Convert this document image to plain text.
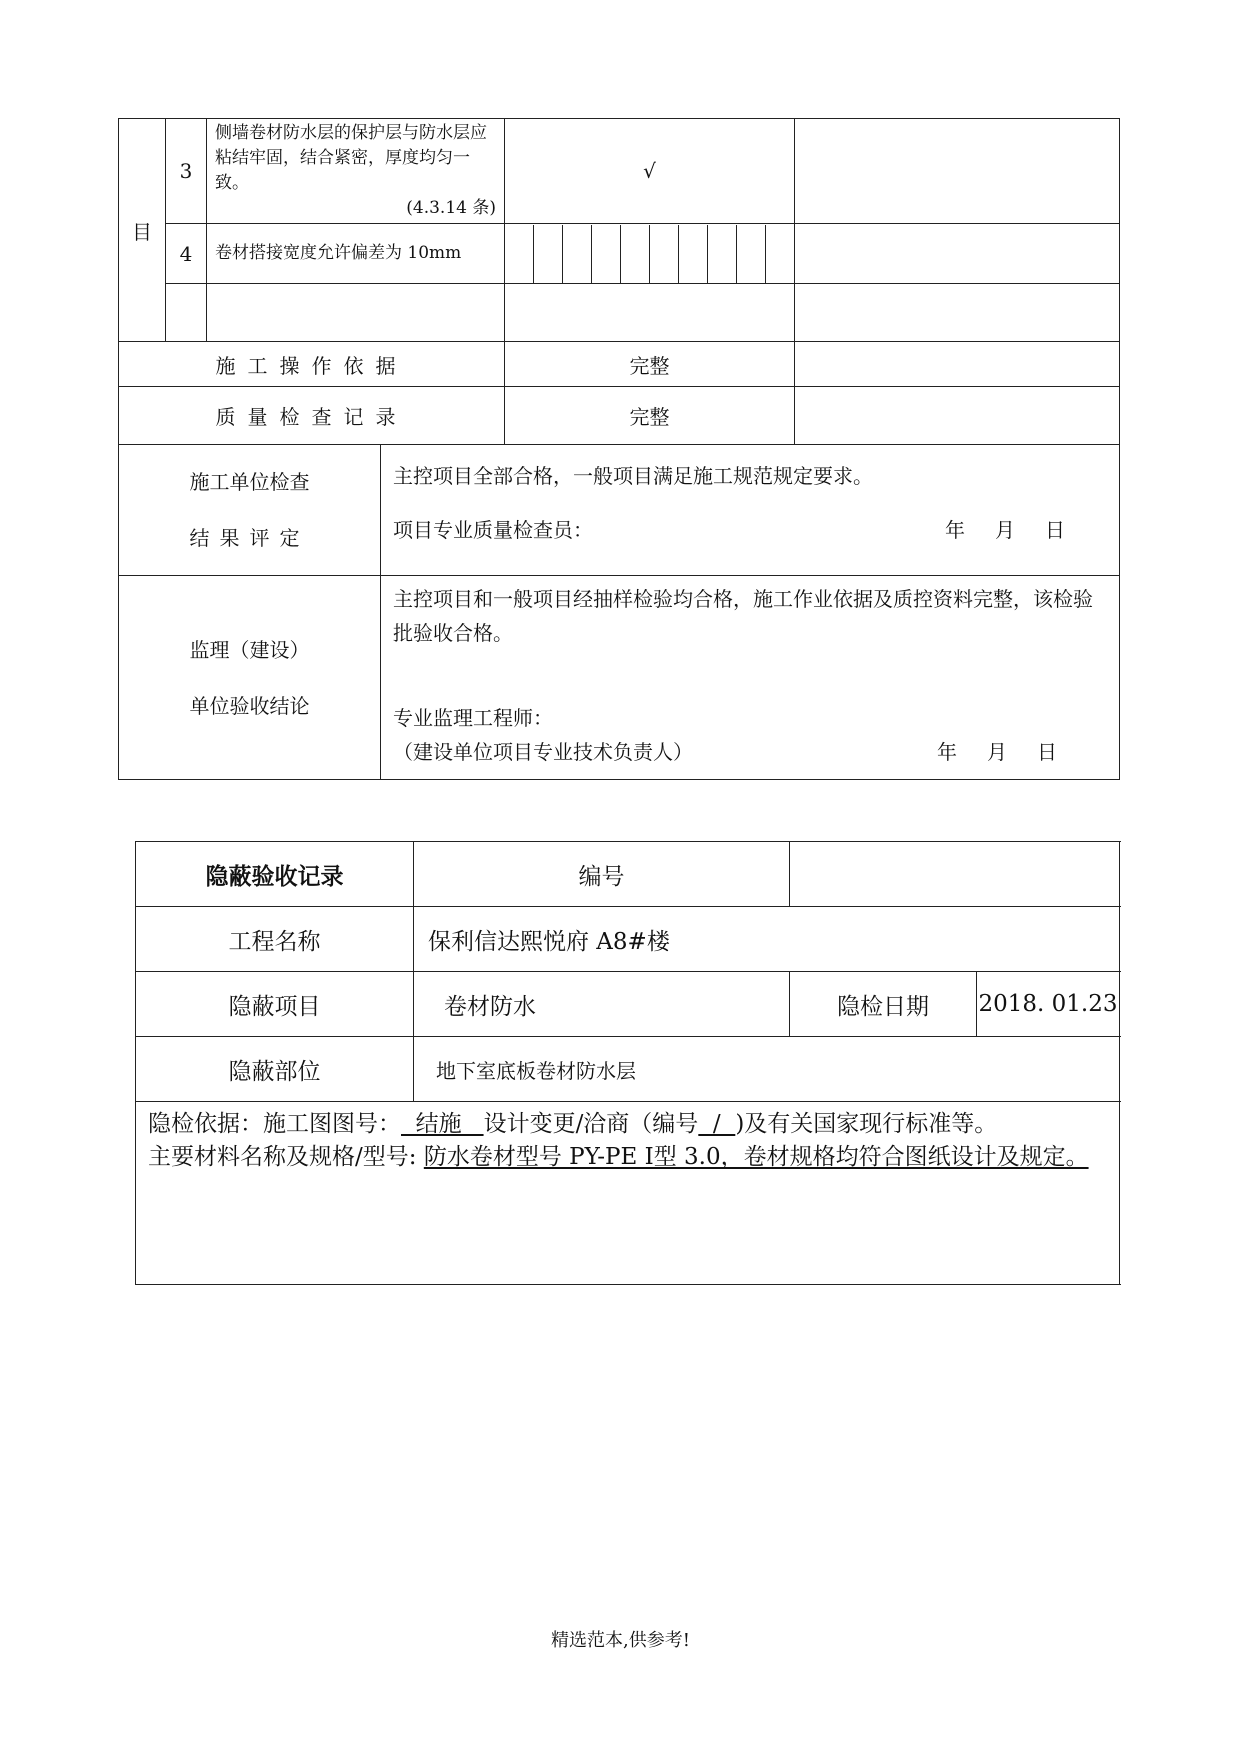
目	3	
侧墙卷材防水层的保护层与防水层应
粘结牢固，结合紧密，厚度均匀一致。
(4.3.14 条)
	√	
4	卷材搭接宽度允许偏差为 10mm	

施工操作依据	完整	
质量检查记录	完整	

施工单位检查
结果评定

主控项目全部合格，一般项目满足施工规范规定要求。
项目专业质量检查员：	年 月 日

监理（建设）
单位验收结论

主控项目和一般项目经抽样检验均合格，施工作业依据及质控资料完整，该检验批验收合格。
专业监理工程师：
（建设单位项目专业技术负责人）	年 月 日
隐蔽验收记录	编号		
工程名称	保利信达熙悦府 A8#楼		
隐蔽项目	卷材防水	隐检日期	2018. 01.23
隐蔽部位	地下室底板卷材防水层		

隐检依据：施工图图号：  结施   设计变更/洽商（编号  /  )及有关国家现行标准等。
主要材料名称及规格/型号: 防水卷材型号 PY-PE Ⅰ型 3.0，卷材规格均符合图纸设计及规定。			
精选范本,供参考!
